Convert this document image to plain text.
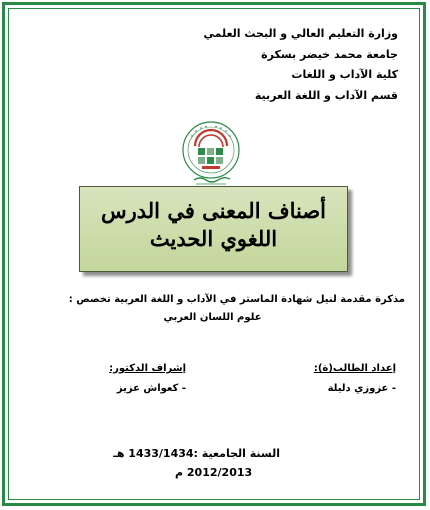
وزارة التعليم العالي و البحث العلمي
جامعة محمد خيضر بسكرة
كلية الآداب و اللغات
قسم الآداب و اللغة العربية
أصناف المعنى في الدرس
اللغوي الحديث
مذكرة مقدمة لنيل شهادة الماستر في الآداب و اللغة العربية تخصص :
علوم اللسان العربي
إعداد الطالب(ة):
- عزوزي دليلة
إشراف الدكتور:
- كعواش عزيز
السنة الجامعية :1433/1434 هـ
2012/2013 م
